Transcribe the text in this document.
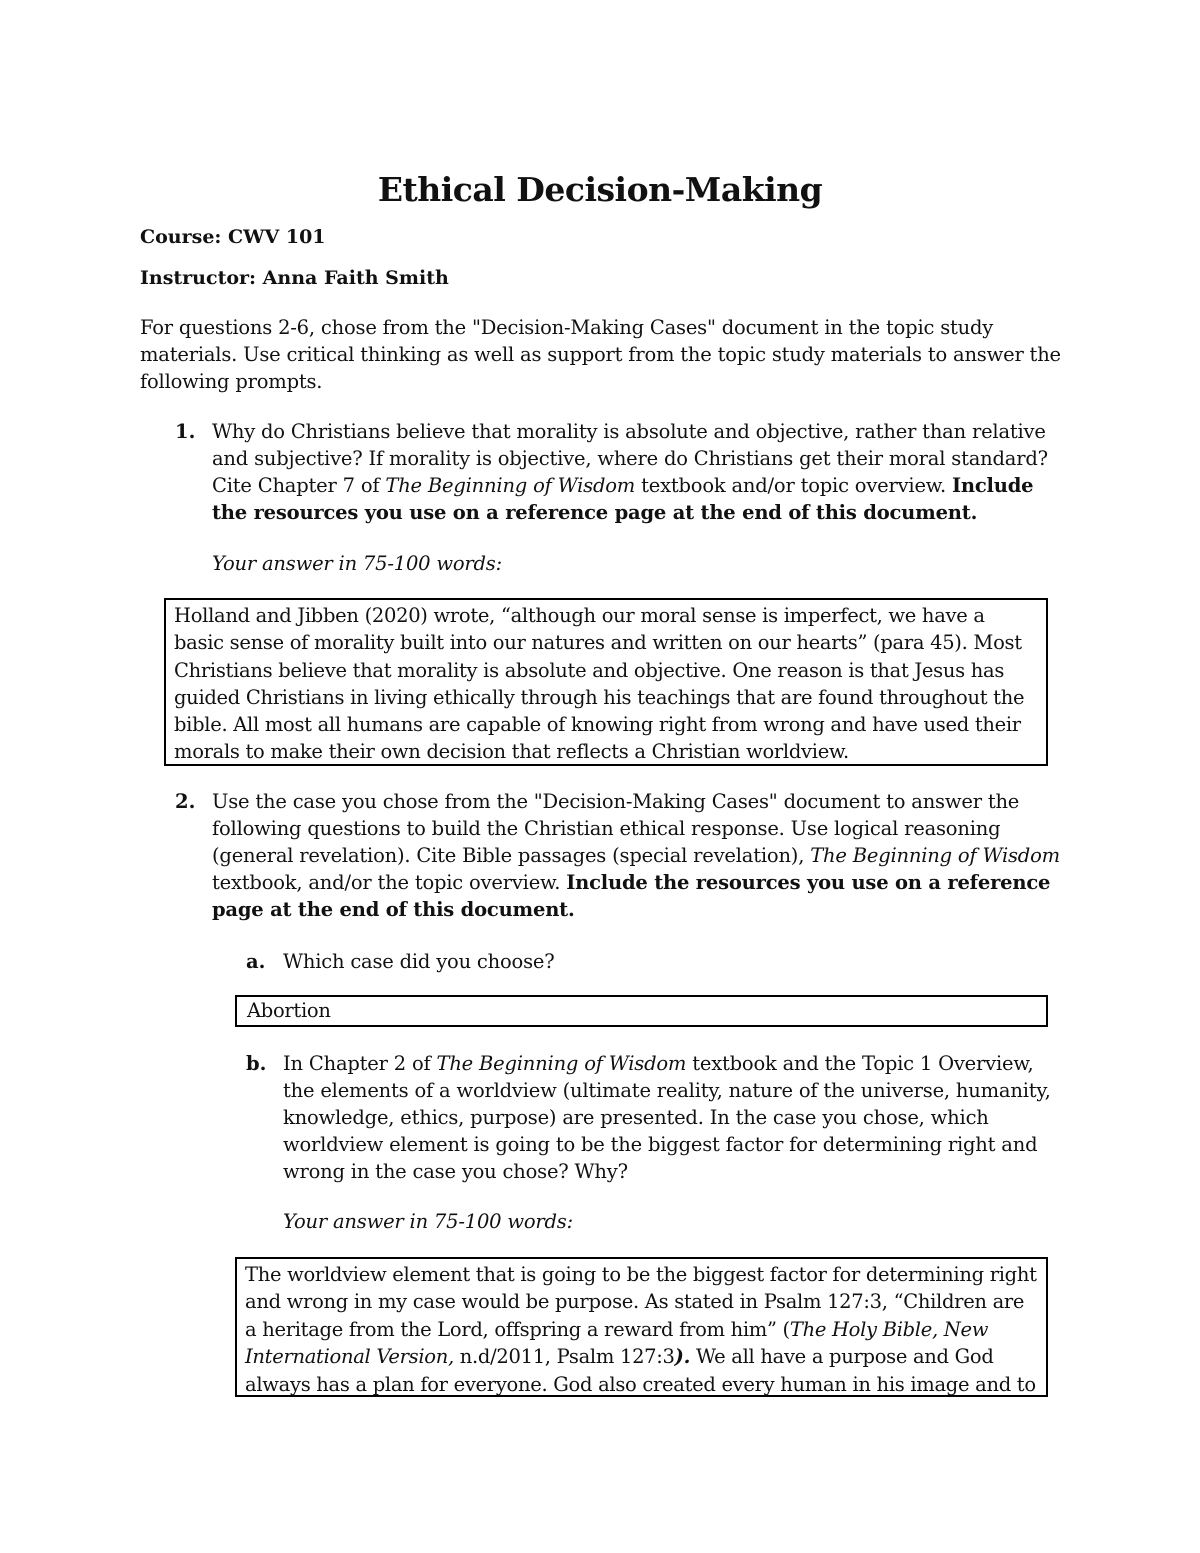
Ethical Decision-Making
Course: CWV 101
Instructor: Anna Faith Smith
For questions 2-6, chose from the "Decision-Making Cases" document in the topic study materials. Use critical thinking as well as support from the topic study materials to answer the following prompts.
1. Why do Christians believe that morality is absolute and objective, rather than relative and subjective? If morality is objective, where do Christians get their moral standard? Cite Chapter 7 of The Beginning of Wisdom textbook and/or topic overview. Include the resources you use on a reference page at the end of this document.
Your answer in 75-100 words:
Holland and Jibben (2020) wrote, “although our moral sense is imperfect, we have a basic sense of morality built into our natures and written on our hearts” (para 45). Most Christians believe that morality is absolute and objective. One reason is that Jesus has guided Christians in living ethically through his teachings that are found throughout the bible. All most all humans are capable of knowing right from wrong and have used their morals to make their own decision that reflects a Christian worldview.
2. Use the case you chose from the "Decision-Making Cases" document to answer the following questions to build the Christian ethical response. Use logical reasoning (general revelation). Cite Bible passages (special revelation), The Beginning of Wisdom textbook, and/or the topic overview. Include the resources you use on a reference page at the end of this document.
a. Which case did you choose?
Abortion
b. In Chapter 2 of The Beginning of Wisdom textbook and the Topic 1 Overview, the elements of a worldview (ultimate reality, nature of the universe, humanity, knowledge, ethics, purpose) are presented. In the case you chose, which worldview element is going to be the biggest factor for determining right and wrong in the case you chose? Why?
Your answer in 75-100 words:
The worldview element that is going to be the biggest factor for determining right and wrong in my case would be purpose. As stated in Psalm 127:3, “Children are a heritage from the Lord, offspring a reward from him” (The Holy Bible, New International Version, n.d/2011, Psalm 127:3). We all have a purpose and God always has a plan for everyone. God also created every human in his image and to
